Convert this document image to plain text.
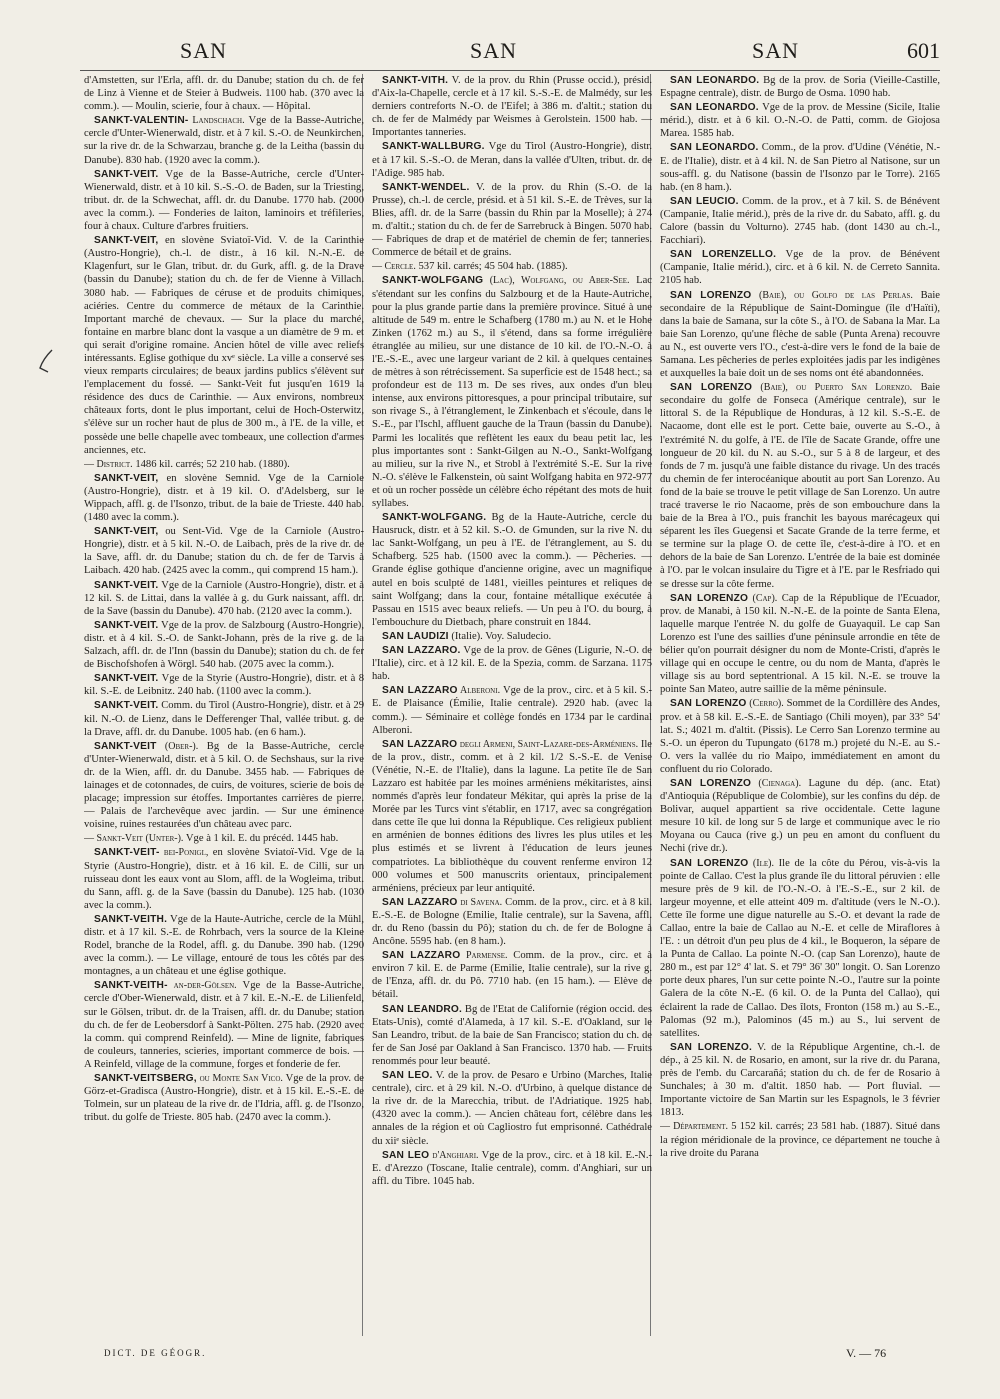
SAN	SAN	SAN	601

d'Amstetten, sur l'Erla, affl. dr. du Danube; station du ch. de fer de Linz à Vienne et de Steier à Budweis. 1100 hab. (370 avec la comm.). — Moulin, scierie, four à chaux. — Hôpital.

SANKT-VALENTIN- Landschach. Vge de la Basse-Autriche, cercle d'Unter-Wienerwald, distr. et à 7 kil. S.-O. de Neunkirchen, sur la rive dr. de la Schwarzau, branche g. de la Leitha (bassin du Danube). 830 hab. (1920 avec la comm.).

SANKT-VEIT. Vge de la Basse-Autriche, cercle d'Unter-Wienerwald, distr. et à 10 kil. S.-S.-O. de Baden, sur la Triesting, tribut. dr. de la Schwechat, affl. dr. du Danube. 1770 hab. (2000 avec la comm.). — Fonderies de laiton, laminoirs et tréfileries, four à chaux. Culture d'arbres fruitiers.

SANKT-VEIT, en slovène Sviatoï-Vid. V. de la Carinthie (Austro-Hongrie), ch.-l. de distr., à 16 kil. N.-N.-E. de Klagenfurt, sur le Glan, tribut. dr. du Gurk, affl. g. de la Drave (bassin du Danube); station du ch. de fer de Vienne à Villach. 3080 hab. — Fabriques de céruse et de produits chimiques, aciéries. Centre du commerce de métaux de la Carinthie. Important marché de chevaux. — Sur la place du marché, fontaine en marbre blanc dont la vasque a un diamètre de 9 m. et qui serait d'origine romaine. Ancien hôtel de ville avec reliefs intéressants. Eglise gothique du xvᵉ siècle. La ville a conservé ses vieux remparts circulaires; de beaux jardins publics s'élèvent sur l'emplacement du fossé. — Sankt-Veit fut jusqu'en 1619 la résidence des ducs de Carinthie. — Aux environs, nombreux châteaux forts, dont le plus important, celui de Hoch-Osterwitz, s'élève sur un rocher haut de plus de 300 m., à l'E. de la ville, et possède une belle chapelle avec tombeaux, une collection d'armes anciennes, etc.

— District. 1486 kil. carrés; 52 210 hab. (1880).

SANKT-VEIT, en slovène Semnid. Vge de la Carniole (Austro-Hongrie), distr. et à 19 kil. O. d'Adelsberg, sur le Wippach, affl. g. de l'Isonzo, tribut. de la baie de Trieste. 440 hab. (1480 avec la comm.).

SANKT-VEIT, ou Sent-Vid. Vge de la Carniole (Austro-Hongrie), distr. et à 5 kil. N.-O. de Laibach, près de la rive dr. de la Save, affl. dr. du Danube; station du ch. de fer de Tarvis à Laibach. 420 hab. (2425 avec la comm., qui comprend 15 ham.).

SANKT-VEIT. Vge de la Carniole (Austro-Hongrie), distr. et à 12 kil. S. de Littai, dans la vallée à g. du Gurk naissant, affl. dr. de la Save (bassin du Danube). 470 hab. (2120 avec la comm.).

SANKT-VEIT. Vge de la prov. de Salzbourg (Austro-Hongrie), distr. et à 4 kil. S.-O. de Sankt-Johann, près de la rive g. de la Salzach, affl. dr. de l'Inn (bassin du Danube); station du ch. de fer de Bischofshofen à Wörgl. 540 hab. (2075 avec la comm.).

SANKT-VEIT. Vge de la Styrie (Austro-Hongrie), distr. et à 8 kil. S.-E. de Leibnitz. 240 hab. (1100 avec la comm.).

SANKT-VEIT. Comm. du Tirol (Austro-Hongrie), distr. et à 29 kil. N.-O. de Lienz, dans le Defferenger Thal, vallée tribut. g. de la Drave, affl. dr. du Danube. 1005 hab. (en 6 ham.).

SANKT-VEIT (Ober-). Bg de la Basse-Autriche, cercle d'Unter-Wienerwald, distr. et à 5 kil. O. de Sechshaus, sur la rive dr. de la Wien, affl. dr. du Danube. 3455 hab. — Fabriques de lainages et de cotonnades, de cuirs, de voitures, scierie de bois de placage; impression sur étoffes. Importantes carrières de pierre. — Palais de l'archevêque avec jardin. — Sur une éminence voisine, ruines restaurées d'un château avec parc.

— Sankt-Veit (Unter-). Vge à 1 kil. E. du précéd. 1445 hab.

SANKT-VEIT- bei-Ponigl, en slovène Sviatoï-Vid. Vge de la Styrie (Austro-Hongrie), distr. et à 16 kil. E. de Cilli, sur un ruisseau dont les eaux vont au Slom, affl. de la Wogleima, tribut. du Sann, affl. g. de la Save (bassin du Danube). 125 hab. (1030 avec la comm.).

SANKT-VEITH. Vge de la Haute-Autriche, cercle de la Mühl, distr. et à 17 kil. S.-E. de Rohrbach, vers la source de la Kleine Rodel, branche de la Rodel, affl. g. du Danube. 390 hab. (1290 avec la comm.). — Le village, entouré de tous les côtés par des montagnes, a un château et une église gothique.

SANKT-VEITH- an-der-Gölsen. Vge de la Basse-Autriche, cercle d'Ober-Wienerwald, distr. et à 7 kil. E.-N.-E. de Lilienfeld, sur le Gölsen, tribut. dr. de la Traisen, affl. dr. du Danube; station du ch. de fer de Leobersdorf à Sankt-Pölten. 275 hab. (2920 avec la comm. qui comprend Reinfeld). — Mine de lignite, fabriques de couleurs, tanneries, scieries, important commerce de bois. — A Reinfeld, village de la commune, forges et fonderie de fer.

SANKT-VEITSBERG, ou Monte San Vico. Vge de la prov. de Görz-et-Gradisca (Austro-Hongrie), distr. et à 15 kil. E.-S.-E. de Tolmein, sur un plateau de la rive dr. de l'Idria, affl. g. de l'Isonzo, tribut. du golfe de Trieste. 805 hab. (2470 avec la comm.).

SANKT-VITH. V. de la prov. du Rhin (Prusse occid.), présid. d'Aix-la-Chapelle, cercle et à 17 kil. S.-S.-E. de Malmédy, sur les derniers contreforts N.-O. de l'Eifel; à 386 m. d'altit.; station du ch. de fer de Malmédy par Weismes à Gerolstein. 1500 hab. — Importantes tanneries.

SANKT-WALLBURG. Vge du Tirol (Austro-Hongrie), distr. et à 17 kil. S.-S.-O. de Meran, dans la vallée d'Ulten, tribut. dr. de l'Adige. 985 hab.

SANKT-WENDEL. V. de la prov. du Rhin (S.-O. de la Prusse), ch.-l. de cercle, présid. et à 51 kil. S.-E. de Trèves, sur la Blies, affl. dr. de la Sarre (bassin du Rhin par la Moselle); à 274 m. d'altit.; station du ch. de fer de Sarrebruck à Bingen. 5070 hab. — Fabriques de drap et de matériel de chemin de fer; tanneries. Commerce de bétail et de grains.

— Cercle. 537 kil. carrés; 45 504 hab. (1885).

SANKT-WOLFGANG (Lac), Wolfgang, ou Aber-See. Lac s'étendant sur les confins du Salzbourg et de la Haute-Autriche, pour la plus grande partie dans la première province. Situé à une altitude de 549 m. entre le Schafberg (1780 m.) au N. et le Hohe Zinken (1762 m.) au S., il s'étend, dans sa forme irrégulière étranglée au milieu, sur une distance de 10 kil. de l'O.-N.-O. à l'E.-S.-E., avec une largeur variant de 2 kil. à quelques centaines de mètres à son rétrécissement. Sa superficie est de 1548 hect.; sa profondeur est de 113 m. De ses rives, aux ondes d'un bleu intense, aux environs pittoresques, a pour principal tributaire, sur son rivage S., à l'étranglement, le Zinkenbach et s'écoule, dans le S.-E., par l'Ischl, affluent gauche de la Traun (bassin du Danube). Parmi les localités que reflètent les eaux du beau petit lac, les plus importantes sont : Sankt-Gilgen au N.-O., Sankt-Wolfgang au milieu, sur la rive N., et Strobl à l'extrémité S.-E. Sur la rive N.-O. s'élève le Falkenstein, où saint Wolfgang habita en 972-977 et où un rocher possède un célèbre écho répétant des mots de huit syllabes.

SANKT-WOLFGANG. Bg de la Haute-Autriche, cercle du Hausruck, distr. et à 52 kil. S.-O. de Gmunden, sur la rive N. du lac Sankt-Wolfgang, un peu à l'E. de l'étranglement, au S. du Schafberg. 525 hab. (1500 avec la comm.). — Pêcheries. — Grande église gothique d'ancienne origine, avec un magnifique autel en bois sculpté de 1481, vieilles peintures et reliques de saint Wolfgang; dans la cour, fontaine métallique exécutée à Passau en 1515 avec beaux reliefs. — Un peu à l'O. du bourg, à l'embouchure du Dietbach, phare construit en 1844.

SAN LAUDIZI (Italie). Voy. Saludecio.

SAN LAZZARO. Vge de la prov. de Gênes (Ligurie, N.-O. de l'Italie), circ. et à 12 kil. E. de la Spezia, comm. de Sarzana. 1175 hab.

SAN LAZZARO Alberoni. Vge de la prov., circ. et à 5 kil. S.-E. de Plaisance (Émilie, Italie centrale). 2920 hab. (avec la comm.). — Séminaire et collège fondés en 1734 par le cardinal Alberoni.

SAN LAZZARO degli Armeni, Saint-Lazare-des-Arméniens. Ile de la prov., distr., comm. et à 2 kil. 1/2 S.-S.-E. de Venise (Vénétie, N.-E. de l'Italie), dans la lagune. La petite île de San Lazzaro est habitée par les moines arméniens mékitaristes, ainsi nommés d'après leur fondateur Mékitar, qui après la prise de la Morée par les Turcs vint s'établir, en 1717, avec sa congrégation dans cette île que lui donna la République. Ces religieux publient en arménien de bonnes éditions des livres les plus utiles et les plus estimés et se livrent à l'éducation de leurs jeunes compatriotes. La bibliothèque du couvent renferme environ 12 000 volumes et 500 manuscrits orientaux, principalement arméniens, précieux par leur antiquité.

SAN LAZZARO di Savena. Comm. de la prov., circ. et à 8 kil. E.-S.-E. de Bologne (Emilie, Italie centrale), sur la Savena, affl. dr. du Reno (bassin du Pô); station du ch. de fer de Bologne à Ancône. 5595 hab. (en 8 ham.).

SAN LAZZARO Parmense. Comm. de la prov., circ. et à environ 7 kil. E. de Parme (Emilie, Italie centrale), sur la rive g. de l'Enza, affl. dr. du Pô. 7710 hab. (en 15 ham.). — Elève de bétail.

SAN LEANDRO. Bg de l'Etat de Californie (région occid. des Etats-Unis), comté d'Alameda, à 17 kil. S.-E. d'Oakland, sur le San Leandro, tribut. de la baie de San Francisco; station du ch. de fer de San José par Oakland à San Francisco. 1370 hab. — Fruits renommés pour leur beauté.

SAN LEO. V. de la prov. de Pesaro e Urbino (Marches, Italie centrale), circ. et à 29 kil. N.-O. d'Urbino, à quelque distance de la rive dr. de la Marecchia, tribut. de l'Adriatique. 1925 hab. (4320 avec la comm.). — Ancien château fort, célèbre dans les annales de la région et où Cagliostro fut emprisonné. Cathédrale du xiiᵉ siècle.

SAN LEO d'Anghiari. Vge de la prov., circ. et à 18 kil. E.-N.-E. d'Arezzo (Toscane, Italie centrale), comm. d'Anghiari, sur un affl. du Tibre. 1045 hab.

SAN LEONARDO. Bg de la prov. de Soria (Vieille-Castille, Espagne centrale), distr. de Burgo de Osma. 1090 hab.

SAN LEONARDO. Vge de la prov. de Messine (Sicile, Italie mérid.), distr. et à 6 kil. O.-N.-O. de Patti, comm. de Giojosa Marea. 1585 hab.

SAN LEONARDO. Comm., de la prov. d'Udine (Vénétie, N.-E. de l'Italie), distr. et à 4 kil. N. de San Pietro al Natisone, sur un sous-affl. g. du Natisone (bassin de l'Isonzo par le Torre). 2165 hab. (en 8 ham.).

SAN LEUCIO. Comm. de la prov., et à 7 kil. S. de Bénévent (Campanie, Italie mérid.), près de la rive dr. du Sabato, affl. g. du Calore (bassin du Volturno). 2745 hab. (dont 1430 au ch.-l., Facchiari).

SAN LORENZELLO. Vge de la prov. de Bénévent (Campanie, Italie mérid.), circ. et à 6 kil. N. de Cerreto Sannita. 2105 hab.

SAN LORENZO (Baie), ou Golfo de las Perlas. Baie secondaire de la République de Saint-Domingue (île d'Haïti), dans la baie de Samana, sur la côte S., à l'O. de Sabana la Mar. La baie San Lorenzo, qu'une flèche de sable (Punta Arena) recouvre au N., est ouverte vers l'O., c'est-à-dire vers le fond de la baie de Samana. Les pêcheries de perles exploitées jadis par les indigènes et auxquelles la baie doit un de ses noms ont été abandonnées.

SAN LORENZO (Baie), ou Puerto San Lorenzo. Baie secondaire du golfe de Fonseca (Amérique centrale), sur le littoral S. de la République de Honduras, à 12 kil. S.-S.-E. de Nacaome, dont elle est le port. Cette baie, ouverte au S.-O., à l'extrémité N. du golfe, à l'E. de l'île de Sacate Grande, offre une longueur de 20 kil. du N. au S.-O., sur 5 à 8 de largeur, et des fonds de 7 m. jusqu'à une faible distance du rivage. Un des tracés du chemin de fer interocéanique aboutit au port San Lorenzo. Au fond de la baie se trouve le petit village de San Lorenzo. Un autre tracé traverse le rio Nacaome, près de son embouchure dans la baie de la Brea à l'O., puis franchit les bayous marécageux qui séparent les îles Guegensi et Sacate Grande de la terre ferme, et se termine sur la plage O. de cette île, c'est-à-dire à l'O. et en dehors de la baie de San Lorenzo. L'entrée de la baie est dominée à l'O. par le volcan insulaire du Tigre et à l'E. par le Resfriado qui se dresse sur la côte ferme.

SAN LORENZO (Cap). Cap de la République de l'Ecuador, prov. de Manabi, à 150 kil. N.-N.-E. de la pointe de Santa Elena, laquelle marque l'entrée N. du golfe de Guayaquil. Le cap San Lorenzo est l'une des saillies d'une péninsule arrondie en tête de bélier qu'on pourrait désigner du nom de Monte-Cristi, d'après le village qui en occupe le centre, ou du nom de Manta, d'après le village sis au bord septentrional. A 15 kil. N.-E. se trouve la pointe San Mateo, autre saillie de la même péninsule.

SAN LORENZO (Cerro). Sommet de la Cordillère des Andes, prov. et à 58 kil. E.-S.-E. de Santiago (Chili moyen), par 33° 54' lat. S.; 4021 m. d'altit. (Pissis). Le Cerro San Lorenzo termine au S.-O. un éperon du Tupungato (6178 m.) projeté du N.-E. au S.-O. vers la vallée du rio Maipo, immédiatement en amont du confluent du rio Colorado.

SAN LORENZO (Cienaga). Lagune du dép. (anc. Etat) d'Antioquia (République de Colombie), sur les confins du dép. de Bolivar, auquel appartient sa rive occidentale. Cette lagune mesure 10 kil. de long sur 5 de large et communique avec le rio Moyana ou Cauca (rive g.) un peu en amont du confluent du Nechi (rive dr.).

SAN LORENZO (Ile). Ile de la côte du Pérou, vis-à-vis la pointe de Callao. C'est la plus grande île du littoral péruvien : elle mesure près de 9 kil. de l'O.-N.-O. à l'E.-S.-E., sur 2 kil. de largeur moyenne, et elle atteint 409 m. d'altitude (vers le N.-O.). Cette île forme une digue naturelle au S.-O. et devant la rade de Callao, entre la baie de Callao au N.-E. et celle de Miraflores à l'E. : un détroit d'un peu plus de 4 kil., le Boqueron, la sépare de la Punta de Callao. La pointe N.-O. (cap San Lorenzo), haute de 280 m., est par 12° 4' lat. S. et 79° 36' 30" longit. O. San Lorenzo porte deux phares, l'un sur cette pointe N.-O., l'autre sur la pointe Galera de la côte N.-E. (6 kil. O. de la Punta del Callao), qui éclairent la rade de Callao. Des îlots, Fronton (158 m.) au S.-E., Palomas (92 m.), Palominos (45 m.) au S., lui servent de satellites.

SAN LORENZO. V. de la République Argentine, ch.-l. de dép., à 25 kil. N. de Rosario, en amont, sur la rive dr. du Parana, près de l'emb. du Carcarañá; station du ch. de fer de Rosario à Sunchales; à 30 m. d'altit. 1850 hab. — Port fluvial. — Importante victoire de San Martin sur les Espagnols, le 3 février 1813.

— Département. 5 152 kil. carrés; 23 581 hab. (1887). Situé dans la région méridionale de la province, ce département ne touche à la rive droite du Parana

DICT. DE GÉOGR.	V. — 76
